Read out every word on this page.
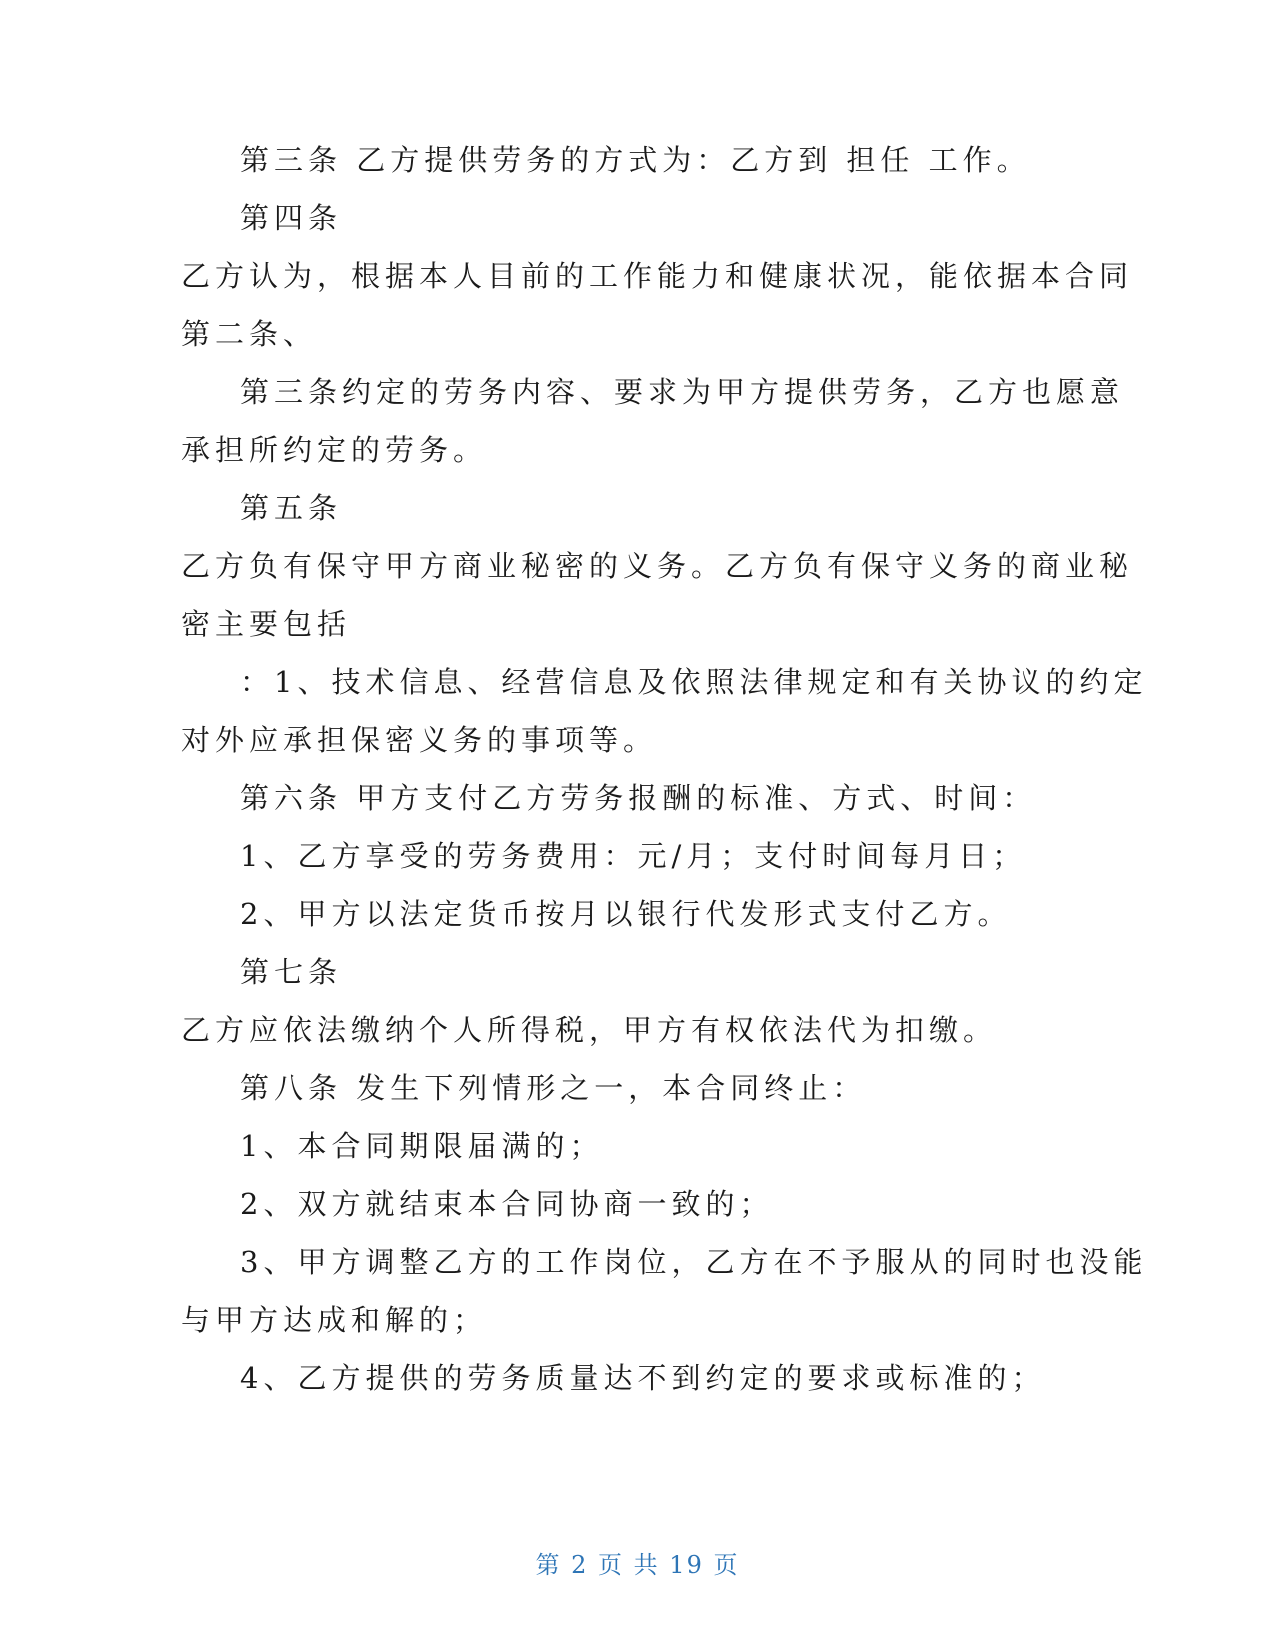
第三条 乙方提供劳务的方式为：乙方到 担任 工作。
第四条
乙方认为，根据本人目前的工作能力和健康状况，能依据本合同
第二条、
第三条约定的劳务内容、要求为甲方提供劳务，乙方也愿意
承担所约定的劳务。
第五条
乙方负有保守甲方商业秘密的义务。乙方负有保守义务的商业秘
密主要包括
：1、技术信息、经营信息及依照法律规定和有关协议的约定
对外应承担保密义务的事项等。
第六条 甲方支付乙方劳务报酬的标准、方式、时间：
1、乙方享受的劳务费用：元/月；支付时间每月日；
2、甲方以法定货币按月以银行代发形式支付乙方。
第七条
乙方应依法缴纳个人所得税，甲方有权依法代为扣缴。
第八条 发生下列情形之一，本合同终止：
1、本合同期限届满的；
2、双方就结束本合同协商一致的；
3、甲方调整乙方的工作岗位，乙方在不予服从的同时也没能
与甲方达成和解的；
4、乙方提供的劳务质量达不到约定的要求或标准的；
第 2 页 共 19 页
